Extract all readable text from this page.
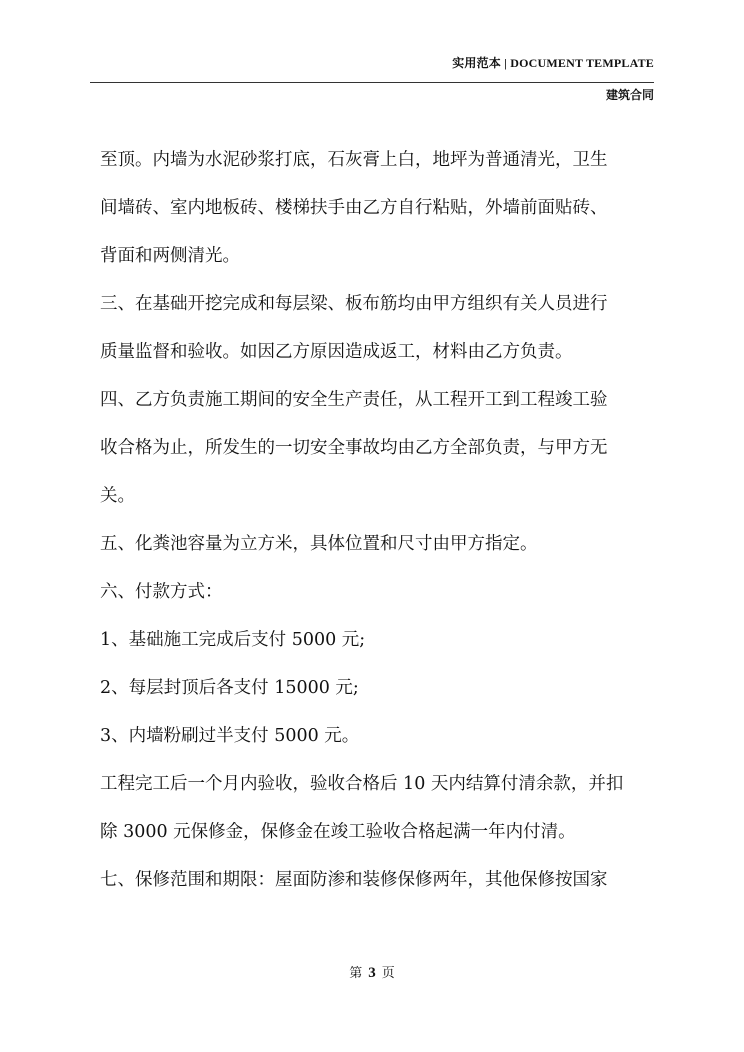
实用范本 | DOCUMENT TEMPLATE
建筑合同

至顶。内墙为水泥砂浆打底，石灰膏上白，地坪为普通清光，卫生
间墙砖、室内地板砖、楼梯扶手由乙方自行粘贴，外墙前面贴砖、
背面和两侧清光。

三、在基础开挖完成和每层梁、板布筋均由甲方组织有关人员进行
质量监督和验收。如因乙方原因造成返工，材料由乙方负责。

四、乙方负责施工期间的安全生产责任，从工程开工到工程竣工验
收合格为止，所发生的一切安全事故均由乙方全部负责，与甲方无
关。

五、化粪池容量为立方米，具体位置和尺寸由甲方指定。

六、付款方式：

1、基础施工完成后支付 5000 元;

2、每层封顶后各支付 15000 元;

3、内墙粉刷过半支付 5000 元。

工程完工后一个月内验收，验收合格后 10 天内结算付清余款，并扣
除 3000 元保修金，保修金在竣工验收合格起满一年内付清。

七、保修范围和期限：屋面防渗和装修保修两年，其他保修按国家

第 3 页
